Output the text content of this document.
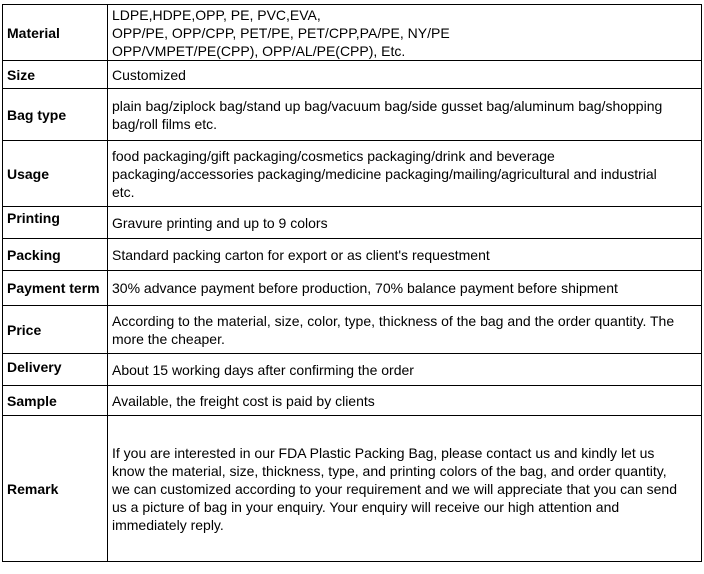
Material	LDPE,HDPE,OPP, PE, PVC,EVA,
OPP/PE, OPP/CPP, PET/PE, PET/CPP,PA/PE, NY/PE
OPP/VMPET/PE(CPP), OPP/AL/PE(CPP), Etc.

Size	Customized

Bag type	plain bag/ziplock bag/stand up bag/vacuum bag/side gusset bag/aluminum bag/shopping
bag/roll films etc.

Usage	food packaging/gift packaging/cosmetics packaging/drink and beverage
packaging/accessories packaging/medicine packaging/mailing/agricultural and industrial
etc.

Printing	Gravure printing and up to 9 colors

Packing	Standard packing carton for export or as client's requestment

Payment term	30% advance payment before production, 70% balance payment before shipment

Price	According to the material, size, color, type, thickness of the bag and the order quantity. The
more the cheaper.

Delivery	About 15 working days after confirming the order

Sample	Available, the freight cost is paid by clients

Remark	If you are interested in our FDA Plastic Packing Bag, please contact us and kindly let us
know the material, size, thickness, type, and printing colors of the bag, and order quantity,
we can customized according to your requirement and we will appreciate that you can send
us a picture of bag in your enquiry. Your enquiry will receive our high attention and
immediately reply.
